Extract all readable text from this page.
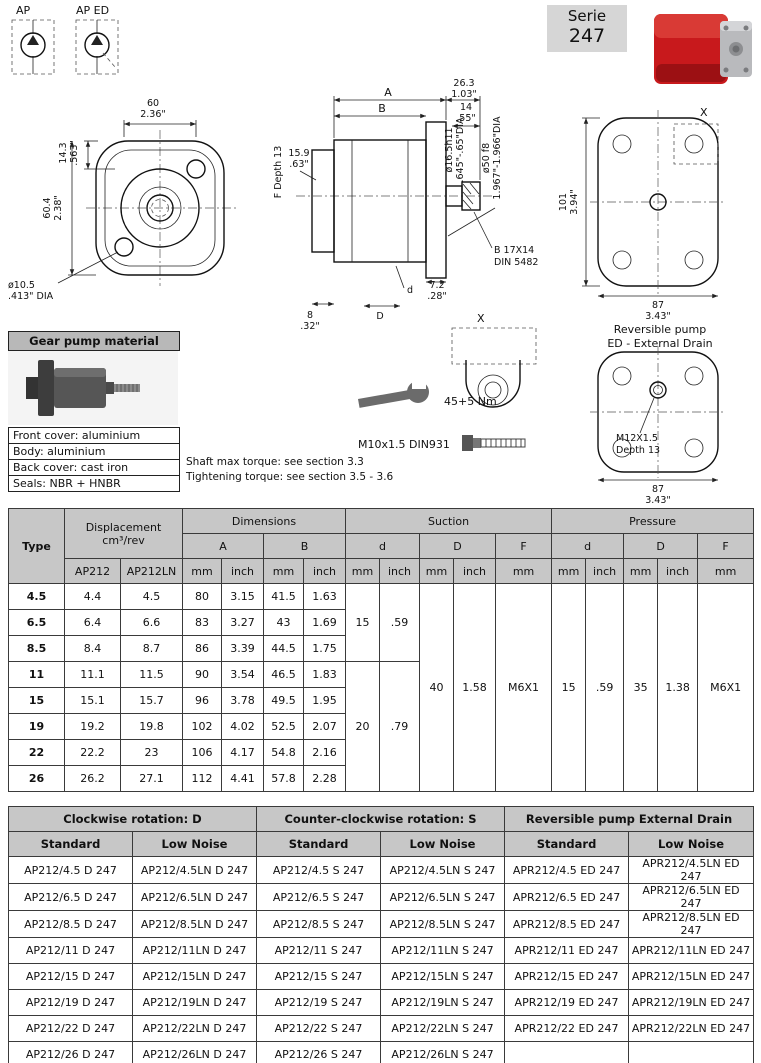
AP	AP ED
60
2.36"
14.3 .563"
60.4 2.38"
ø10.5
.413" DIA
A
26.3
1.03"
B	14
.55"
F Depth 13 15.9
.63"	ø16.5h11 .645"-.65"DIA ø50 f8 1.967"-1.966"DIA
B 17X14
DIN 5482
7.2
.28"
d
D
8
.32"
X
101 3.94"
87
3.43"
Reversible pump
ED - External Drain
M12X1.5
Depth 13
87
3.43"
X
45+5 Nm
M10x1.5 DIN931
Serie
247
Gear pump material
Front cover: aluminium
Body: aluminium
Back cover: cast iron
Seals: NBR + HNBR
Shaft max torque: see section 3.3
Tightening torque: see section 3.5 - 3.6
Type	Displacement
cm³/rev		Dimensions				Suction					Pressure				
			A		B		d		D		F	d		D		F
	AP212	AP212LN	mm	inch	mm	inch	mm	inch	mm	inch	mm	mm	inch	mm	inch	mm
4.5	4.4	4.5	80	3.15	41.5	1.63	15	.59	40	1.58	M6X1	15	.59	35	1.38	M6X1
6.5	6.4	6.6	83	3.27	43	1.69										
8.5	8.4	8.7	86	3.39	44.5	1.75										
11	11.1	11.5	90	3.54	46.5	1.83	20	.79								
15	15.1	15.7	96	3.78	49.5	1.95										
19	19.2	19.8	102	4.02	52.5	2.07										
22	22.2	23	106	4.17	54.8	2.16										
26	26.2	27.1	112	4.41	57.8	2.28										
Clockwise rotation: D		Counter-clockwise rotation: S		Reversible pump External Drain	
Standard	Low Noise	Standard	Low Noise	Standard	Low Noise
AP212/4.5 D 247	AP212/4.5LN D 247	AP212/4.5 S 247	AP212/4.5LN S 247	APR212/4.5 ED 247	APR212/4.5LN ED 247
AP212/6.5 D 247	AP212/6.5LN D 247	AP212/6.5 S 247	AP212/6.5LN S 247	APR212/6.5 ED 247	APR212/6.5LN ED 247
AP212/8.5 D 247	AP212/8.5LN D 247	AP212/8.5 S 247	AP212/8.5LN S 247	APR212/8.5 ED 247	APR212/8.5LN ED 247
AP212/11 D 247	AP212/11LN D 247	AP212/11 S 247	AP212/11LN S 247	APR212/11 ED 247	APR212/11LN ED 247
AP212/15 D 247	AP212/15LN D 247	AP212/15 S 247	AP212/15LN S 247	APR212/15 ED 247	APR212/15LN ED 247
AP212/19 D 247	AP212/19LN D 247	AP212/19 S 247	AP212/19LN S 247	APR212/19 ED 247	APR212/19LN ED 247
AP212/22 D 247	AP212/22LN D 247	AP212/22 S 247	AP212/22LN S 247	APR212/22 ED 247	APR212/22LN ED 247
AP212/26 D 247	AP212/26LN D 247	AP212/26 S 247	AP212/26LN S 247		
